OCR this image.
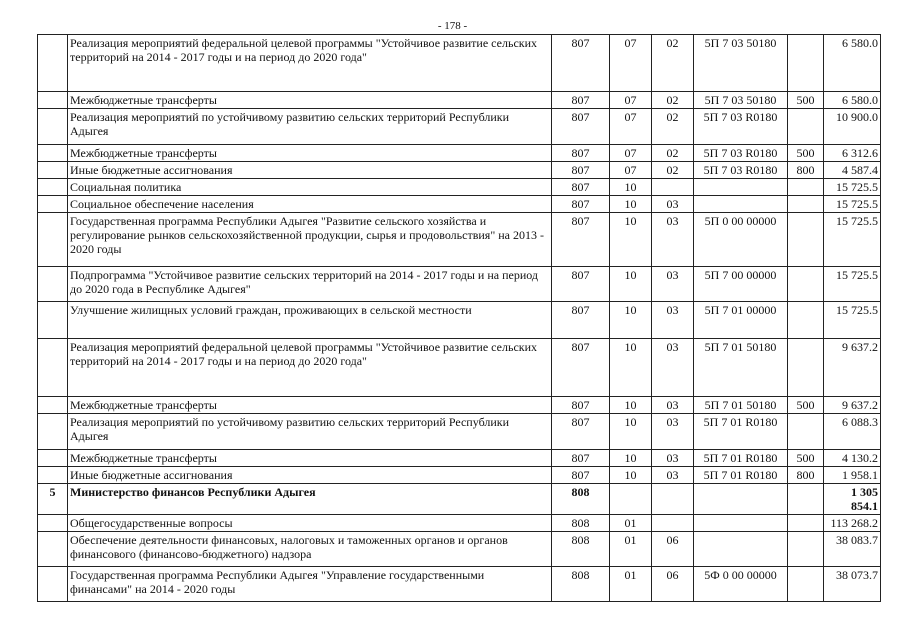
- 178 -
	Реализация мероприятий федеральной целевой программы "Устойчивое развитие сельских территорий на 2014 - 2017 годы и на период до 2020 года"	807	07	02	5П 7 03 50180		6 580.0
	Межбюджетные трансферты	807	07	02	5П 7 03 50180	500	6 580.0
	Реализация мероприятий по устойчивому развитию сельских территорий Республики Адыгея	807	07	02	5П 7 03 R0180		10 900.0
	Межбюджетные трансферты	807	07	02	5П 7 03 R0180	500	6 312.6
	Иные бюджетные ассигнования	807	07	02	5П 7 03 R0180	800	4 587.4
	Социальная политика	807	10				15 725.5
	Социальное обеспечение населения	807	10	03			15 725.5
	Государственная программа Республики Адыгея "Развитие сельского хозяйства и регулирование рынков сельскохозяйственной продукции, сырья и продовольствия" на 2013 - 2020 годы	807	10	03	5П 0 00 00000		15 725.5
	Подпрограмма "Устойчивое развитие сельских территорий на 2014 - 2017 годы и на период до 2020 года в Республике Адыгея"	807	10	03	5П 7 00 00000		15 725.5
	Улучшение жилищных условий граждан, проживающих в сельской местности	807	10	03	5П 7 01 00000		15 725.5
	Реализация мероприятий федеральной целевой программы "Устойчивое развитие сельских территорий на 2014 - 2017 годы и на период до 2020 года"	807	10	03	5П 7 01 50180		9 637.2
	Межбюджетные трансферты	807	10	03	5П 7 01 50180	500	9 637.2
	Реализация мероприятий по устойчивому развитию сельских территорий Республики Адыгея	807	10	03	5П 7 01 R0180		6 088.3
	Межбюджетные трансферты	807	10	03	5П 7 01 R0180	500	4 130.2
	Иные бюджетные ассигнования	807	10	03	5П 7 01 R0180	800	1 958.1
5	Министерство финансов Республики Адыгея	808					1 305 854.1
	Общегосударственные вопросы	808	01				113 268.2
	Обеспечение деятельности финансовых, налоговых и таможенных органов и органов финансового (финансово-бюджетного) надзора	808	01	06			38 083.7
	Государственная программа Республики Адыгея "Управление государственными финансами" на 2014 - 2020 годы	808	01	06	5Ф 0 00 00000		38 073.7
